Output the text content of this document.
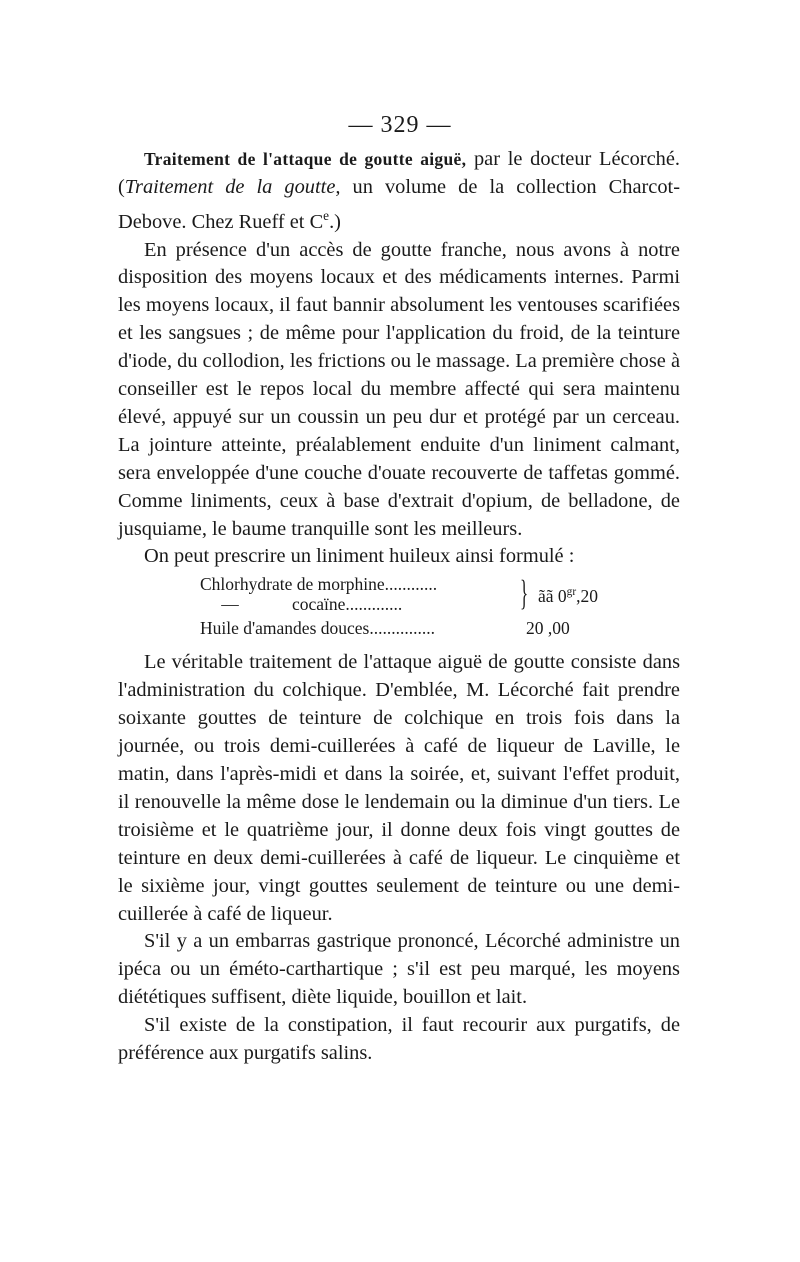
— 329 —

Traitement de l'attaque de goutte aiguë, par le docteur Lécorché. (Traitement de la goutte, un volume de la collection Charcot-Debove. Chez Rueff et Ce.)

En présence d'un accès de goutte franche, nous avons à notre disposition des moyens locaux et des médicaments internes. Parmi les moyens locaux, il faut bannir absolument les ventouses scarifiées et les sangsues ; de même pour l'application du froid, de la teinture d'iode, du collodion, les frictions ou le massage. La première chose à conseiller est le repos local du membre affecté qui sera maintenu élevé, appuyé sur un coussin un peu dur et protégé par un cerceau. La jointure atteinte, préalablement enduite d'un liniment calmant, sera enveloppée d'une couche d'ouate recouverte de taffetas gommé. Comme liniments, ceux à base d'extrait d'opium, de belladone, de jusquiame, le baume tranquille sont les meilleurs.

On peut prescrire un liniment huileux ainsi formulé :

Chlorhydrate de morphine............
—	cocaïne.............	} ãã $0^{gr},20$
Huile d'amandes douces...............	20 ,00

Le véritable traitement de l'attaque aiguë de goutte consiste dans l'administration du colchique. D'emblée, M. Lécorché fait prendre soixante gouttes de teinture de colchique en trois fois dans la journée, ou trois demi-cuillerées à café de liqueur de Laville, le matin, dans l'après-midi et dans la soirée, et, suivant l'effet produit, il renouvelle la même dose le lendemain ou la diminue d'un tiers. Le troisième et le quatrième jour, il donne deux fois vingt gouttes de teinture en deux demi-cuillerées à café de liqueur. Le cinquième et le sixième jour, vingt gouttes seulement de teinture ou une demi-cuillerée à café de liqueur.

S'il y a un embarras gastrique prononcé, Lécorché administre un ipéca ou un éméto-carthartique ; s'il est peu marqué, les moyens diététiques suffisent, diète liquide, bouillon et lait.

S'il existe de la constipation, il faut recourir aux purgatifs, de préférence aux purgatifs salins.
